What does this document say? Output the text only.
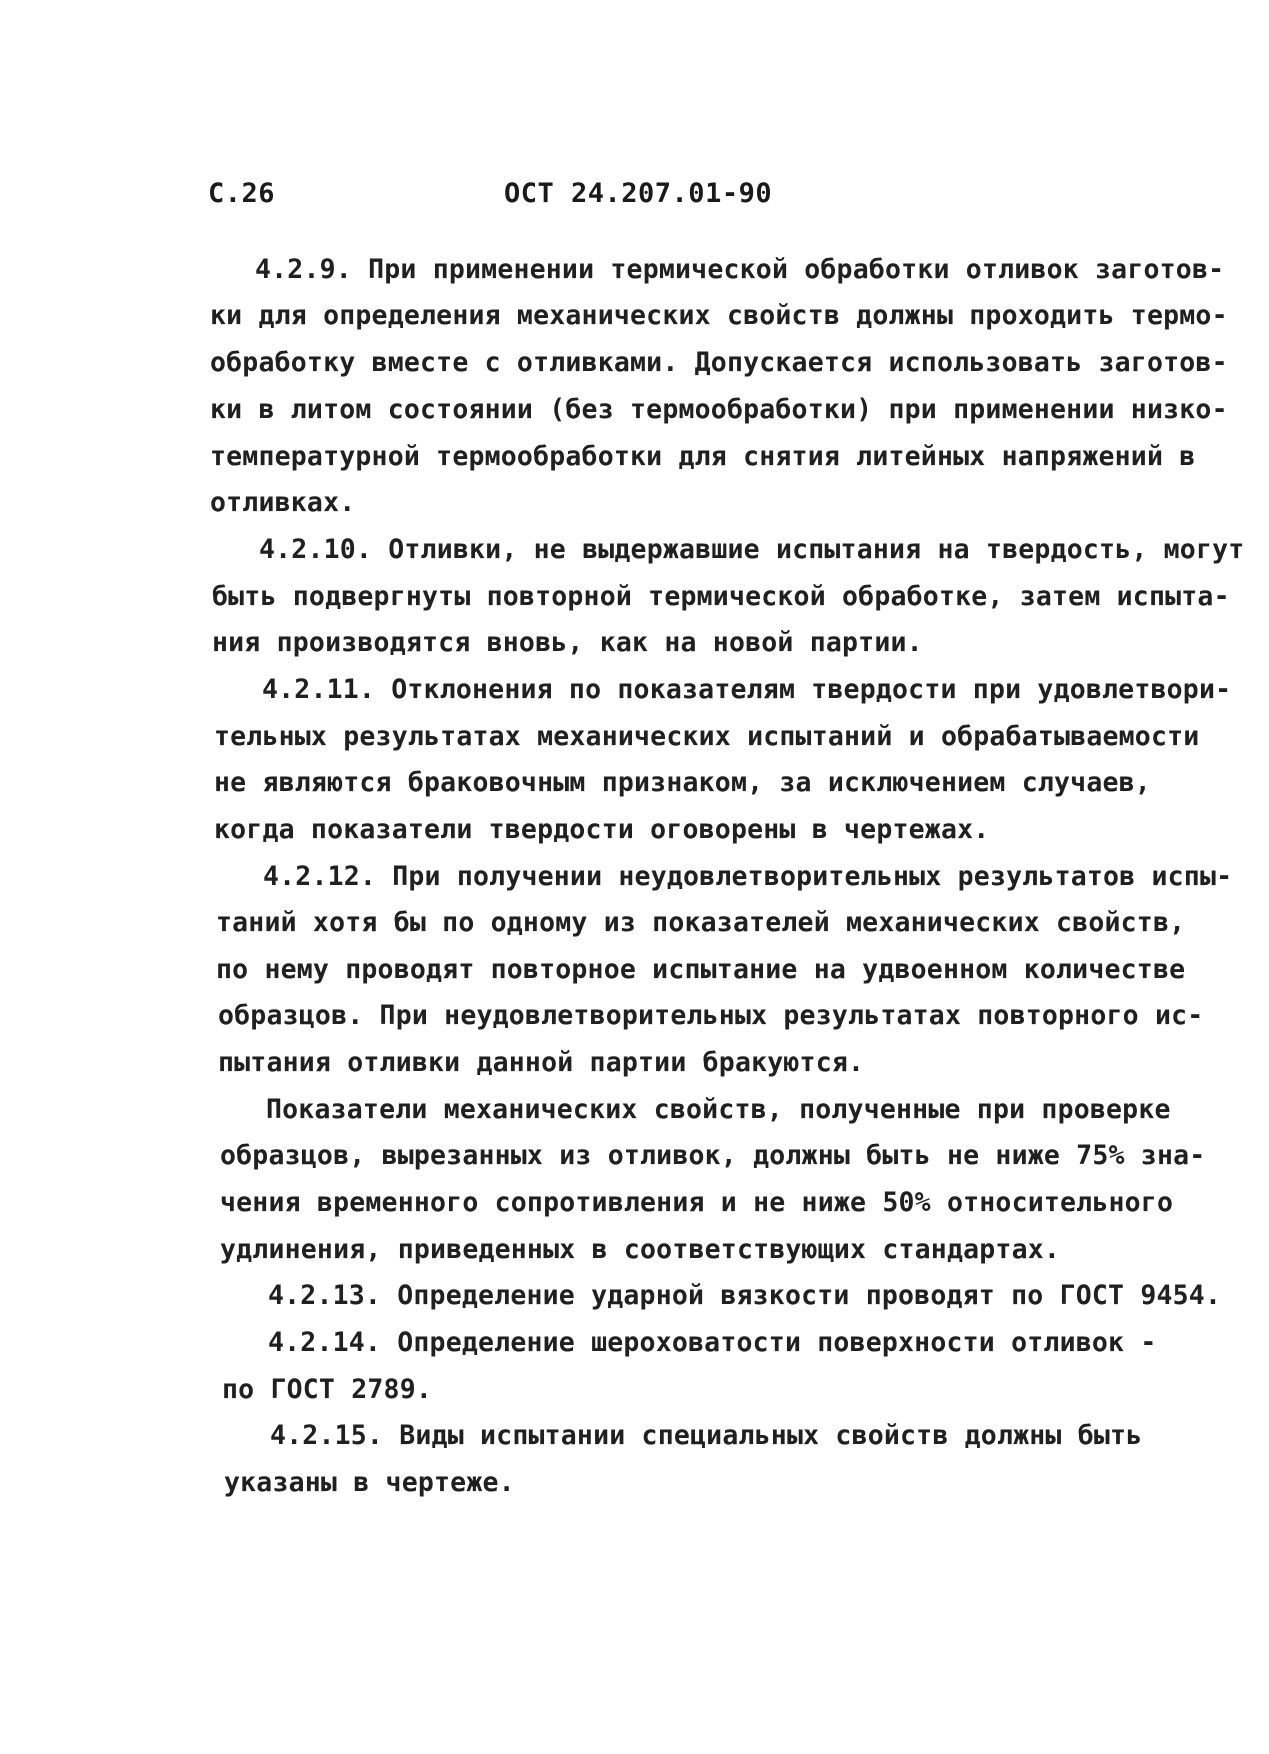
С.26	ОСТ 24.207.01-90
4.2.9. При применении термической обработки отливок заготов-
ки для определения механических свойств должны проходить термо-
обработку вместе с отливками. Допускается использовать заготов-
ки в литом состоянии (без термообработки) при применении низко-
температурной термообработки для снятия литейных напряжений в
отливках.
4.2.10. Отливки, не выдержавшие испытания на твердость, могут
быть подвергнуты повторной термической обработке, затем испыта-
ния производятся вновь, как на новой партии.
4.2.11. Отклонения по показателям твердости при удовлетвори-
тельных результатах механических испытаний и обрабатываемости
не являются браковочным признаком, за исключением случаев,
когда показатели твердости оговорены в чертежах.
4.2.12. При получении неудовлетворительных результатов испы-
таний хотя бы по одному из показателей механических свойств,
по нему проводят повторное испытание на удвоенном количестве
образцов. При неудовлетворительных результатах повторного ис-
пытания отливки данной партии бракуются.
Показатели механических свойств, полученные при проверке
образцов, вырезанных из отливок, должны быть не ниже 75% зна-
чения временного сопротивления и не ниже 50% относительного
удлинения, приведенных в соответствующих стандартах.
4.2.13. Определение ударной вязкости проводят по ГОСТ 9454.
4.2.14. Определение шероховатости поверхности отливок -
по ГОСТ 2789.
4.2.15. Виды испытании специальных свойств должны быть
указаны в чертеже.
